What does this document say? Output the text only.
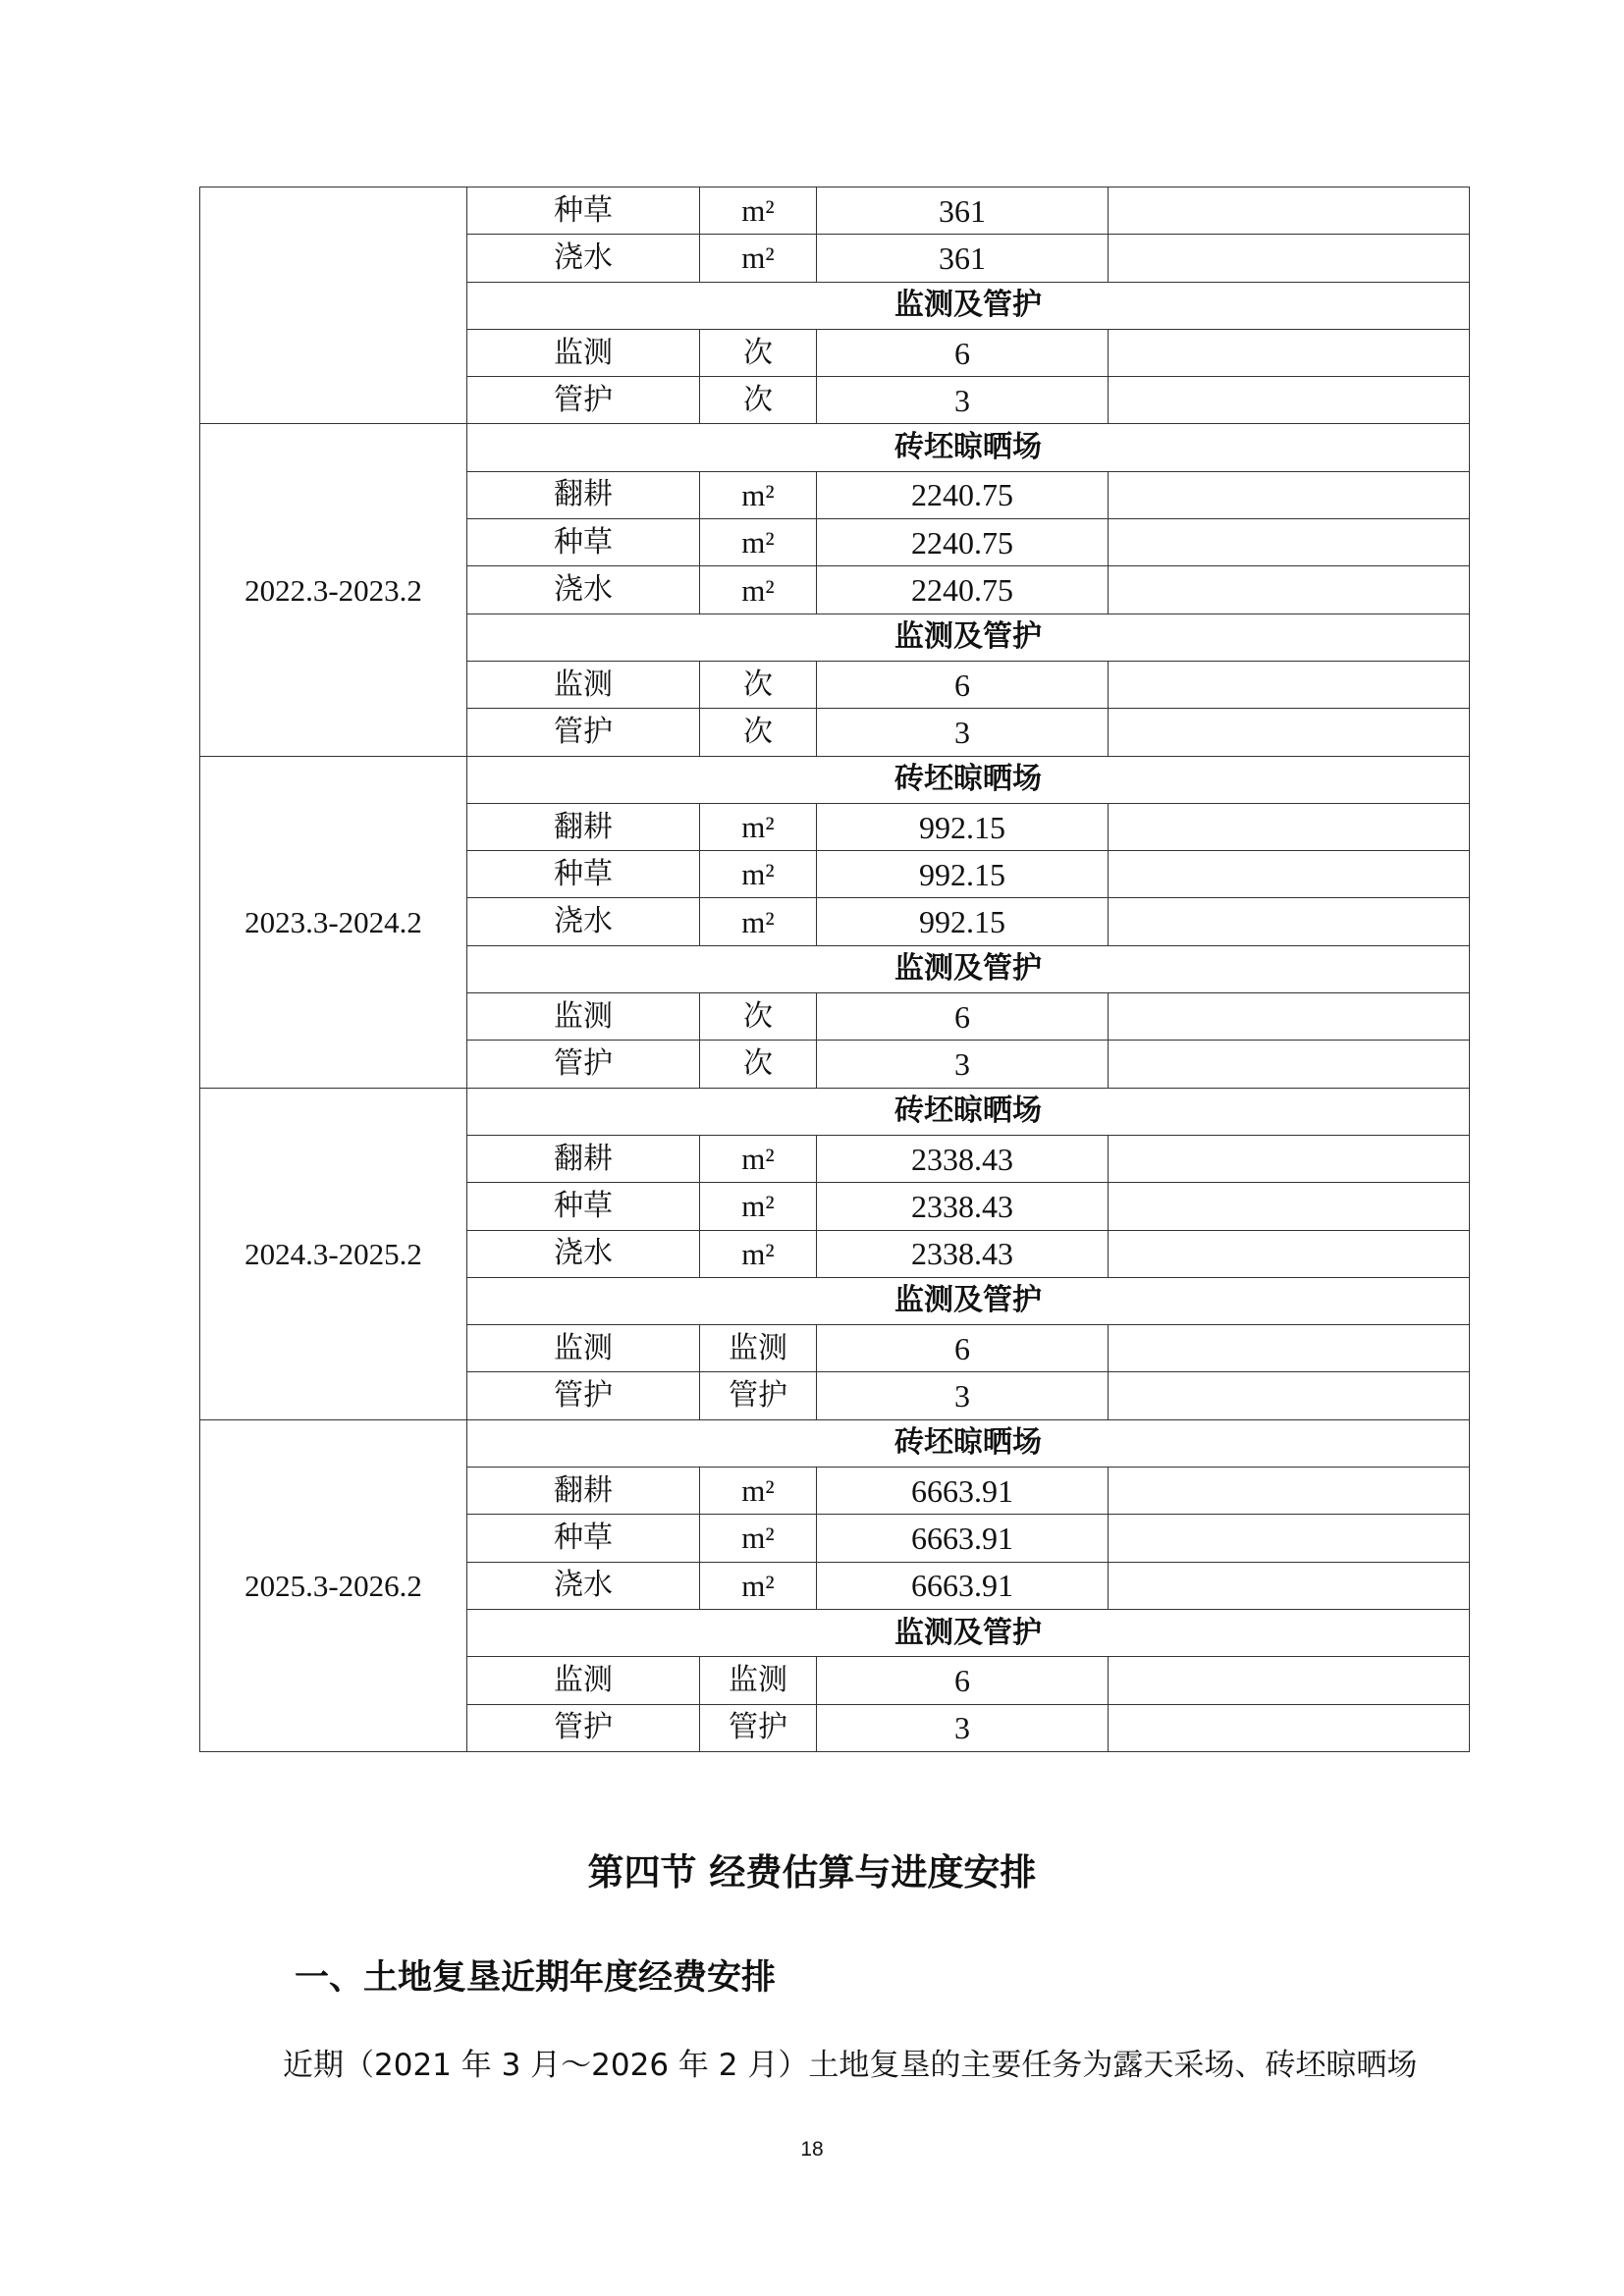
	种草	m²	361	
	浇水	m²	361	
	监测及管护			
	监测	次	6	
	管护	次	3	
2022.3-2023.2	砖坯晾晒场			
	翻耕	m²	2240.75	
	种草	m²	2240.75	
	浇水	m²	2240.75	
	监测及管护			
	监测	次	6	
	管护	次	3	
2023.3-2024.2	砖坯晾晒场			
	翻耕	m²	992.15	
	种草	m²	992.15	
	浇水	m²	992.15	
	监测及管护			
	监测	次	6	
	管护	次	3	
2024.3-2025.2	砖坯晾晒场			
	翻耕	m²	2338.43	
	种草	m²	2338.43	
	浇水	m²	2338.43	
	监测及管护			
	监测	监测	6	
	管护	管护	3	
2025.3-2026.2	砖坯晾晒场			
	翻耕	m²	6663.91	
	种草	m²	6663.91	
	浇水	m²	6663.91	
	监测及管护			
	监测	监测	6	
	管护	管护	3	
第四节 经费估算与进度安排
一、土地复垦近期年度经费安排
近期（2021 年 3 月～2026 年 2 月）土地复垦的主要任务为露天采场、砖坯晾晒场
18
